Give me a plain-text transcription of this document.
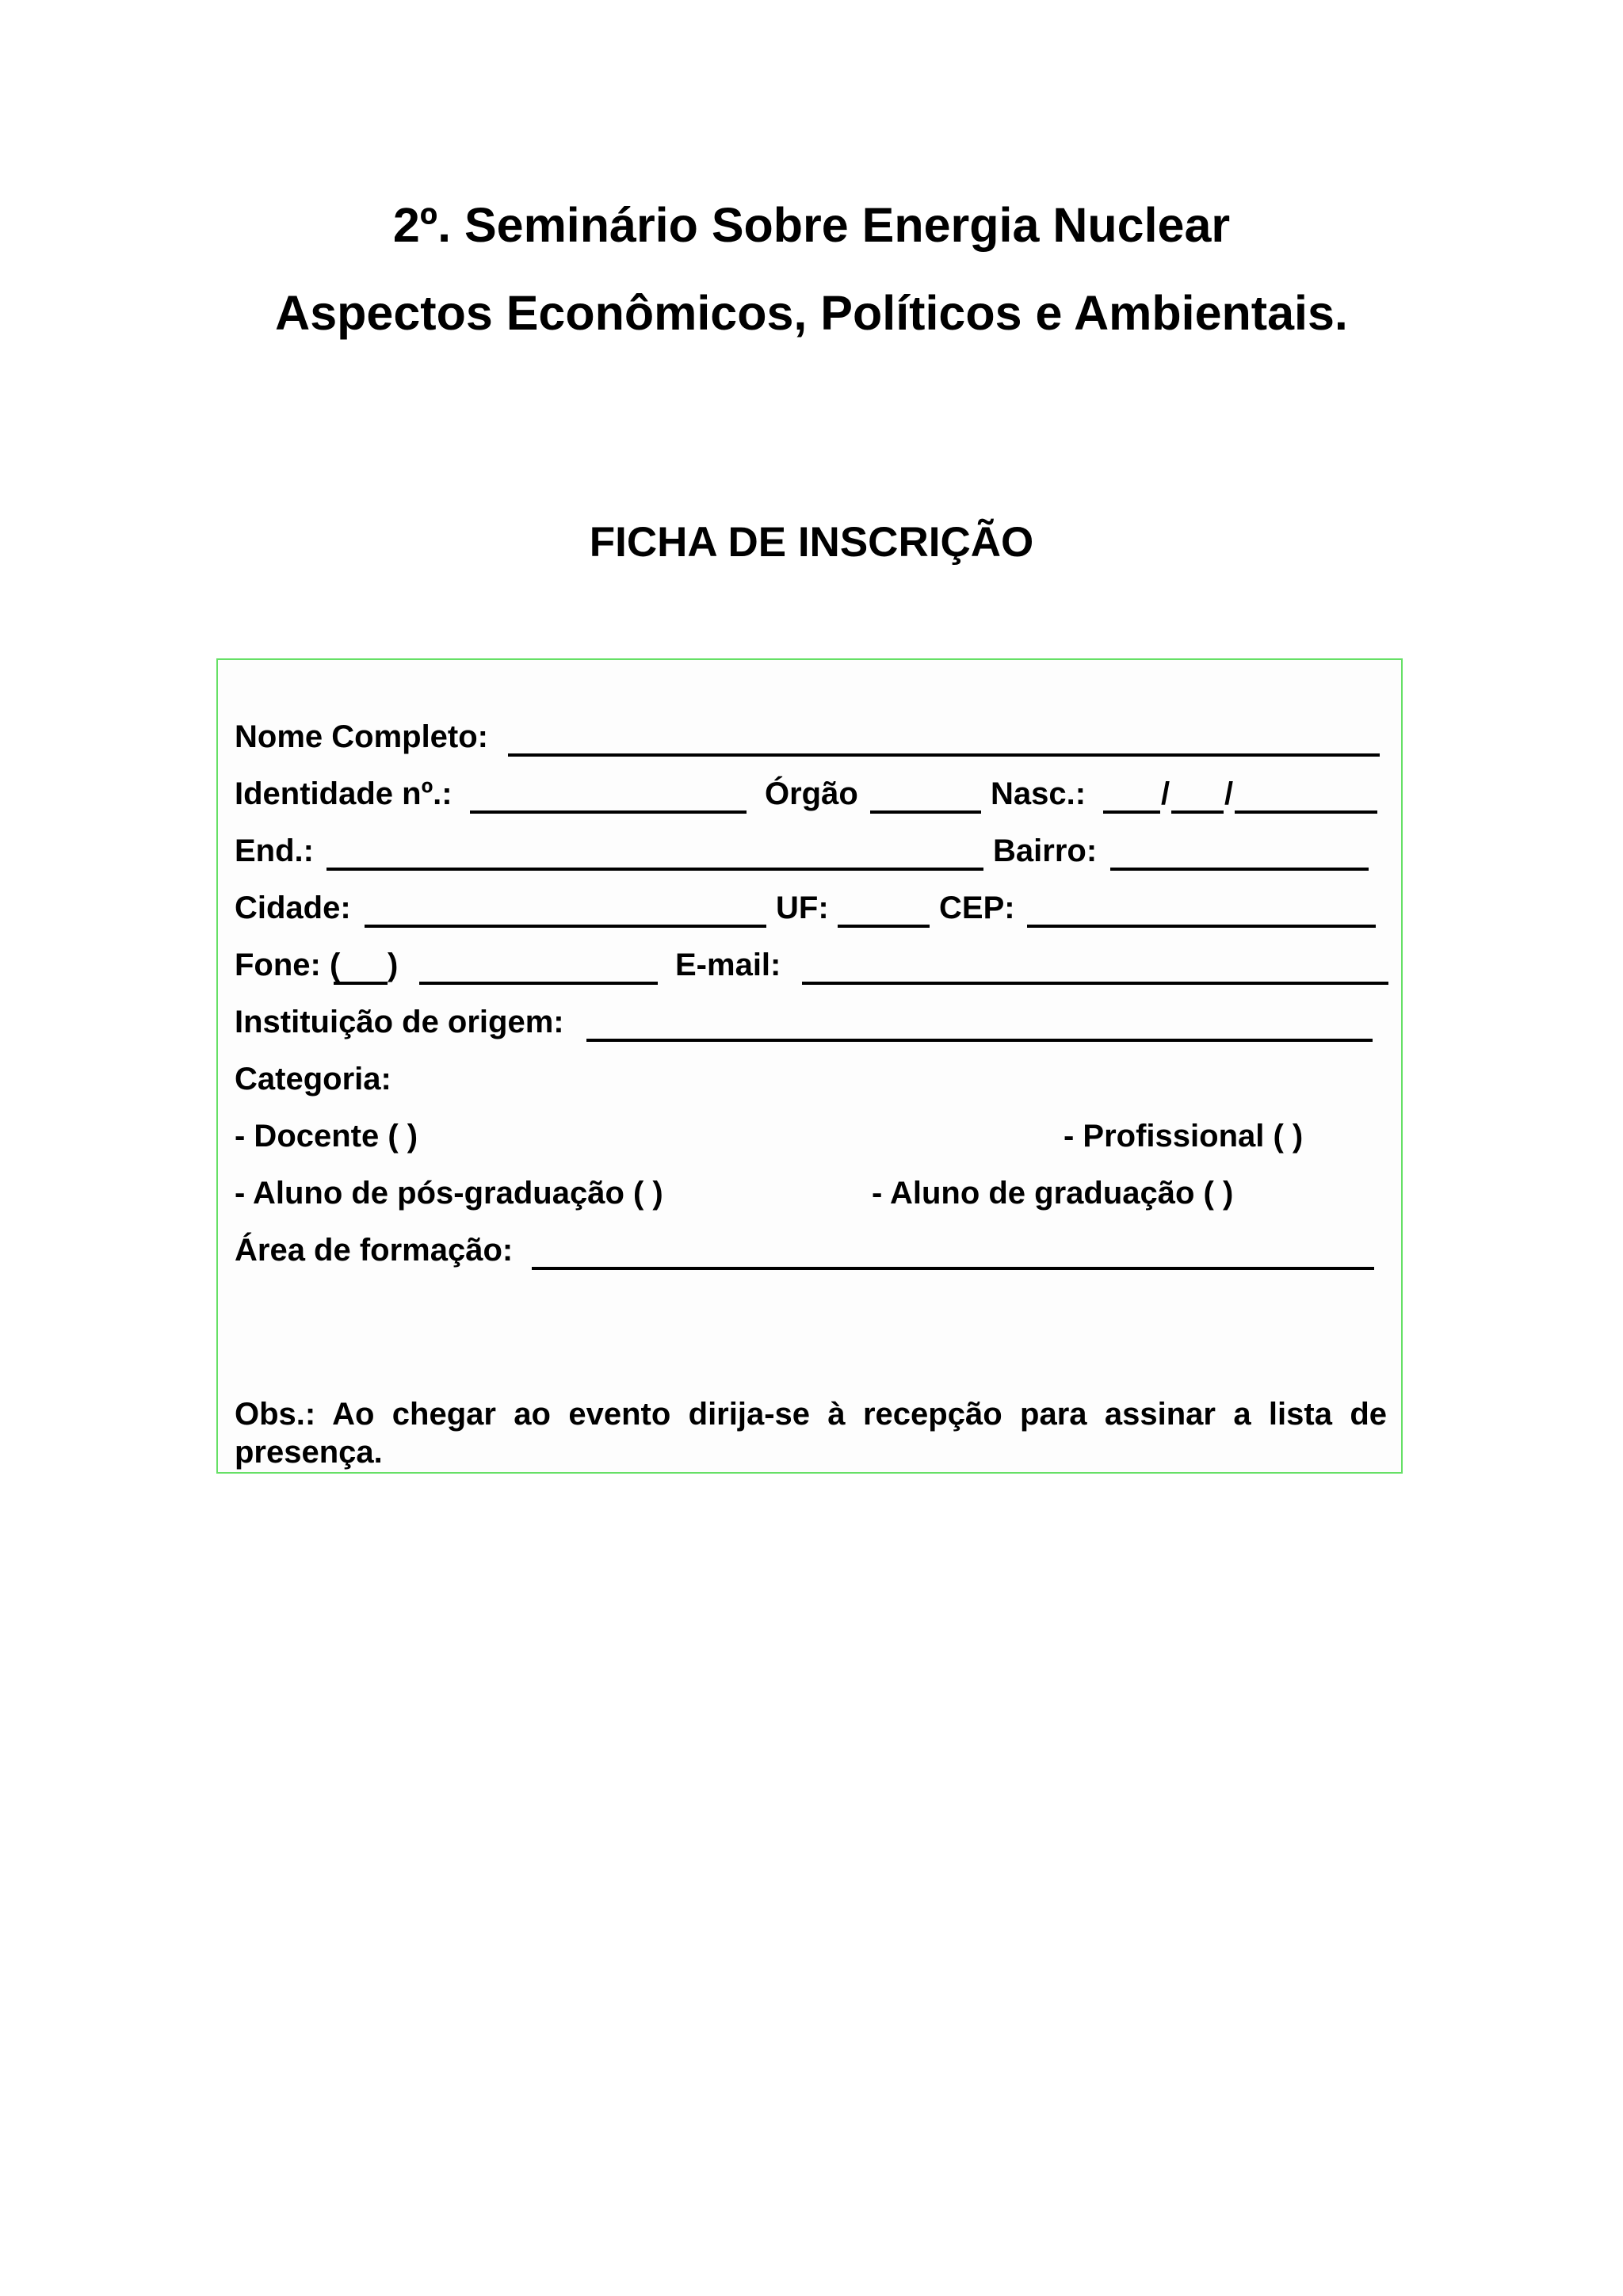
2º. Seminário Sobre Energia Nuclear
Aspectos Econômicos, Políticos e Ambientais.
FICHA DE INSCRIÇÃO
Nome Completo:
Identidade nº.:	Órgão	Nasc.: / /
End.:	Bairro:
Cidade:	UF:	CEP:
Fone: ( )	E-mail:
Instituição de origem:
Categoria:
- Docente ( )	- Profissional ( )
- Aluno de pós-graduação ( )	- Aluno de graduação ( )
Área de formação:
Obs.: Ao chegar ao evento dirija-se à recepção para assinar a lista de presença.
